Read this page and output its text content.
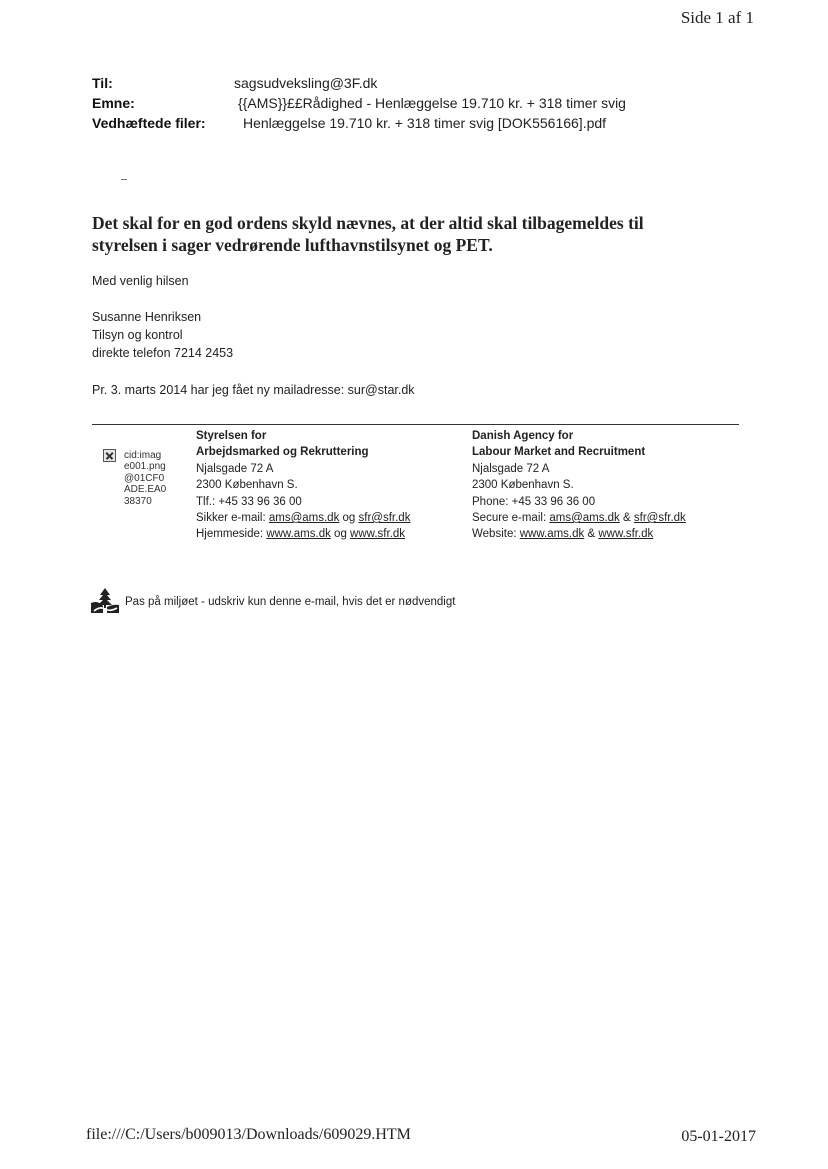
Side 1 af 1
Til:	sagsudveksling@3F.dk
Emne:	{{AMS}}££Rådighed - Henlæggelse 19.710 kr. + 318 timer svig
Vedhæftede filer:	Henlæggelse 19.710 kr. + 318 timer svig [DOK556166].pdf
Det skal for en god ordens skyld nævnes, at der altid skal tilbagemeldes til
styrelsen i sager vedrørende lufthavnstilsynet og PET.
Med venlig hilsen
Susanne Henriksen
Tilsyn og kontrol
direkte telefon 7214 2453
Pr. 3. marts 2014 har jeg fået ny mailadresse: sur@star.dk
cid:imag
e001.png
@01CF0
ADE.EA0
38370
Styrelsen for
Arbejdsmarked og Rekruttering
Njalsgade 72 A
2300 København S.
Tlf.: +45 33 96 36 00
Sikker e-mail: ams@ams.dk og sfr@sfr.dk
Hjemmeside: www.ams.dk og www.sfr.dk
Danish Agency for
Labour Market and Recruitment
Njalsgade 72 A
2300 København S.
Phone: +45 33 96 36 00
Secure e-mail: ams@ams.dk & sfr@sfr.dk
Website: www.ams.dk & www.sfr.dk
Pas på miljøet - udskriv kun denne e-mail, hvis det er nødvendigt
file:///C:/Users/b009013/Downloads/609029.HTM	05-01-2017
